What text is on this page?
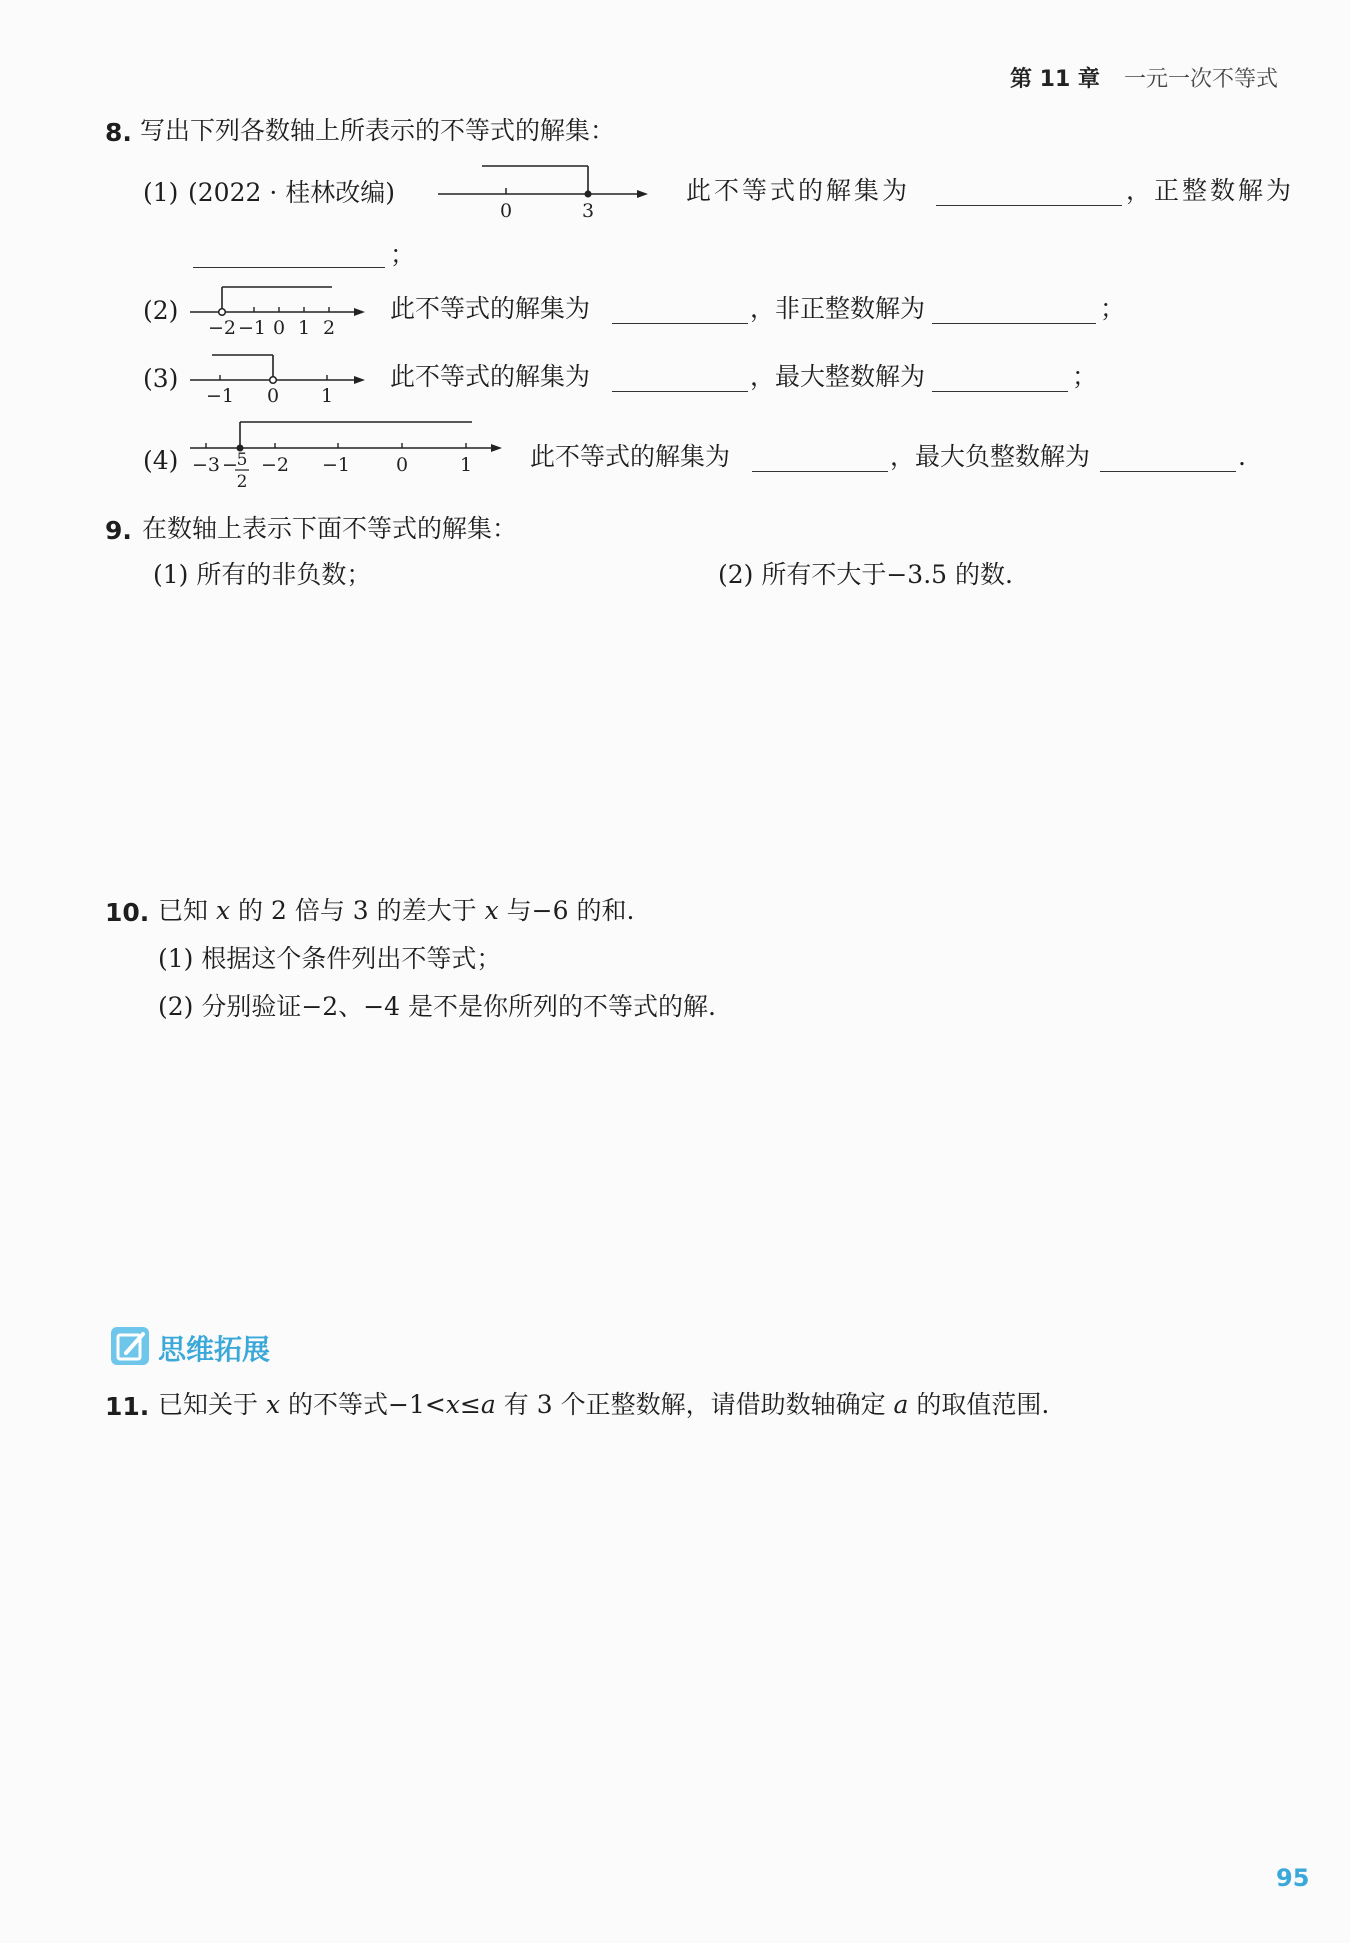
第 11 章 一元一次不等式
8. 写出下列各数轴上所表示的不等式的解集：
(1) (2022 · 桂林改编)
0	3
此不等式的解集为	，正整数解为
；
(2)
−2 −1 0 1 2
此不等式的解集为	，非正整数解为	；
(3)
−1 0 1
此不等式的解集为	，最大整数解为	；
(4) −3 −
5
2
−2 −1 0	1 此不等式的解集为	，最大负整数解为	.
9. 在数轴上表示下面不等式的解集：
(1) 所有的非负数；	(2) 所有不大于−3.5 的数.
10. 已知 x 的 2 倍与 3 的差大于 x 与−6 的和.
(1) 根据这个条件列出不等式；
(2) 分别验证−2、−4 是不是你所列的不等式的解.
思维拓展
11. 已知关于 x 的不等式−1<x≤a 有 3 个正整数解，请借助数轴确定 a 的取值范围.
95
